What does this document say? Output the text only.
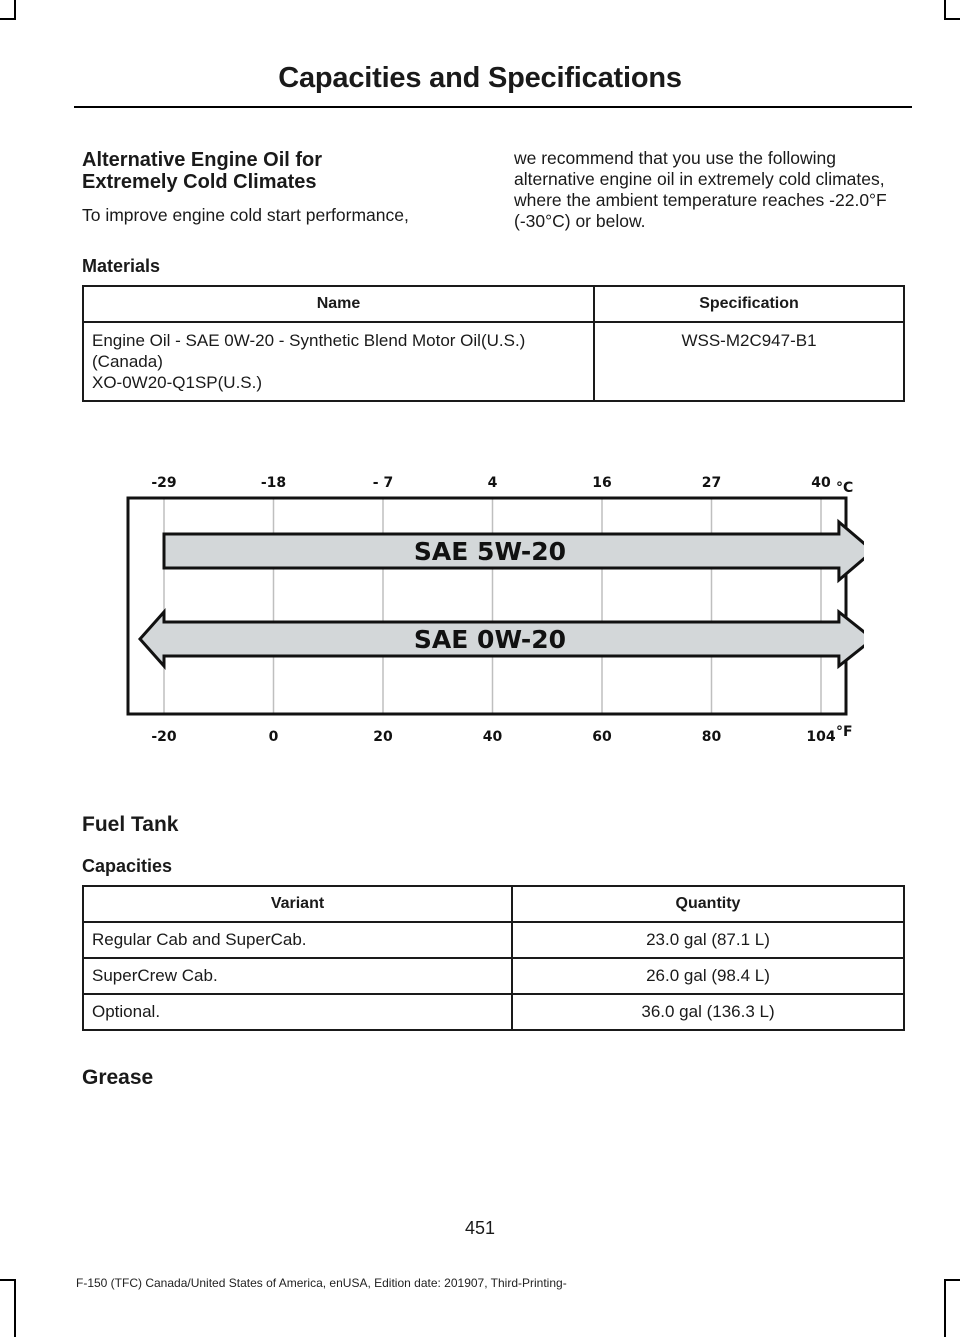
Capacities and Specifications
Alternative Engine Oil for
Extremely Cold Climates
To improve engine cold start performance,
we recommend that you use the following alternative engine oil in extremely cold climates, where the ambient temperature reaches -22.0°F (-30°C) or below.
Materials
Name	Specification

Engine Oil - SAE 0W-20 - Synthetic Blend Motor Oil(U.S.)
(Canada)
XO-0W20-Q1SP(U.S.)	WSS-M2C947-B1
SAE 5W-20
SAE 0W-20
-29	-18	- 7	4	16	27	40
-20	0	20	40	60	80	104
°C
°F
Fuel Tank
Capacities
Variant	Quantity
Regular Cab and SuperCab.	23.0 gal (87.1 L)
SuperCrew Cab.	26.0 gal (98.4 L)
Optional.	36.0 gal (136.3 L)
Grease
451
F-150 (TFC) Canada/United States of America, enUSA, Edition date: 201907, Third-Printing-
